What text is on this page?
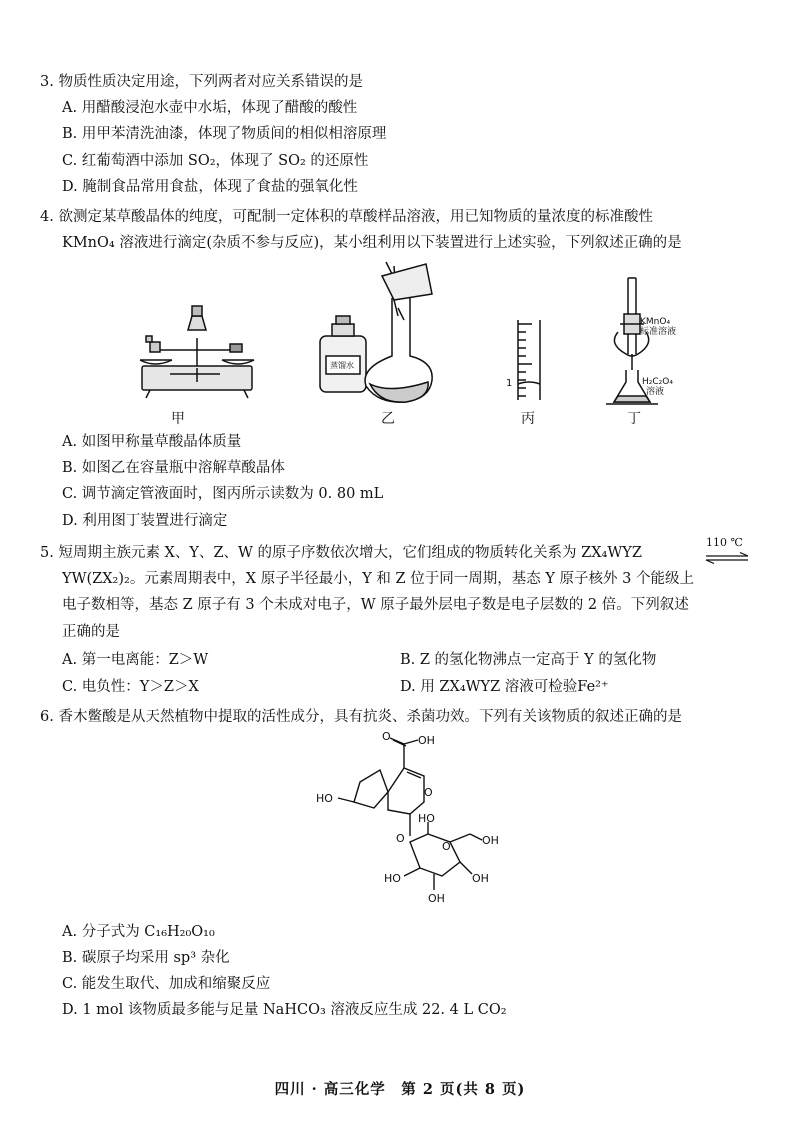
3. 物质性质决定用途，下列两者对应关系错误的是
A. 用醋酸浸泡水壶中水垢，体现了醋酸的酸性
B. 用甲苯清洗油漆，体现了物质间的相似相溶原理
C. 红葡萄酒中添加 SO₂，体现了 SO₂ 的还原性
D. 腌制食品常用食盐，体现了食盐的强氧化性
4. 欲测定某草酸晶体的纯度，可配制一定体积的草酸样品溶液，用已知物质的量浓度的标准酸性
KMnO₄ 溶液进行滴定(杂质不参与反应)，某小组利用以下装置进行上述实验，下列叙述正确的是
1
KMnO₄
标准溶液
H₂C₂O₄
溶液
蒸馏水
甲	乙	丙	丁
A. 如图甲称量草酸晶体质量
B. 如图乙在容量瓶中溶解草酸晶体
C. 调节滴定管液面时，图丙所示读数为 0. 80 mL
D. 利用图丁装置进行滴定
5. 短周期主族元素 X、Y、Z、W 的原子序数依次增大，它们组成的物质转化关系为 ZX₄WYZ
110 ℃
YW(ZX₂)₂。元素周期表中，X 原子半径最小，Y 和 Z 位于同一周期，基态 Y 原子核外 3 个能级上
电子数相等，基态 Z 原子有 3 个未成对电子，W 原子最外层电子数是电子层数的 2 倍。下列叙述
正确的是
A. 第一电离能：Z＞W	B. Z 的氢化物沸点一定高于 Y 的氢化物
C. 电负性：Y＞Z＞X	D. 用 ZX₄WYZ 溶液可检验Fe²⁺
6. 香木鳖酸是从天然植物中提取的活性成分，具有抗炎、杀菌功效。下列有关该物质的叙述正确的是
OH
O
HO	O
O
O	OH
HO	OH
OH
HO
A. 分子式为 C₁₆H₂₀O₁₀
B. 碳原子均采用 sp³ 杂化
C. 能发生取代、加成和缩聚反应
D. 1 mol 该物质最多能与足量 NaHCO₃ 溶液反应生成 22. 4 L CO₂
四川 · 高三化学　第 2 页(共 8 页)
